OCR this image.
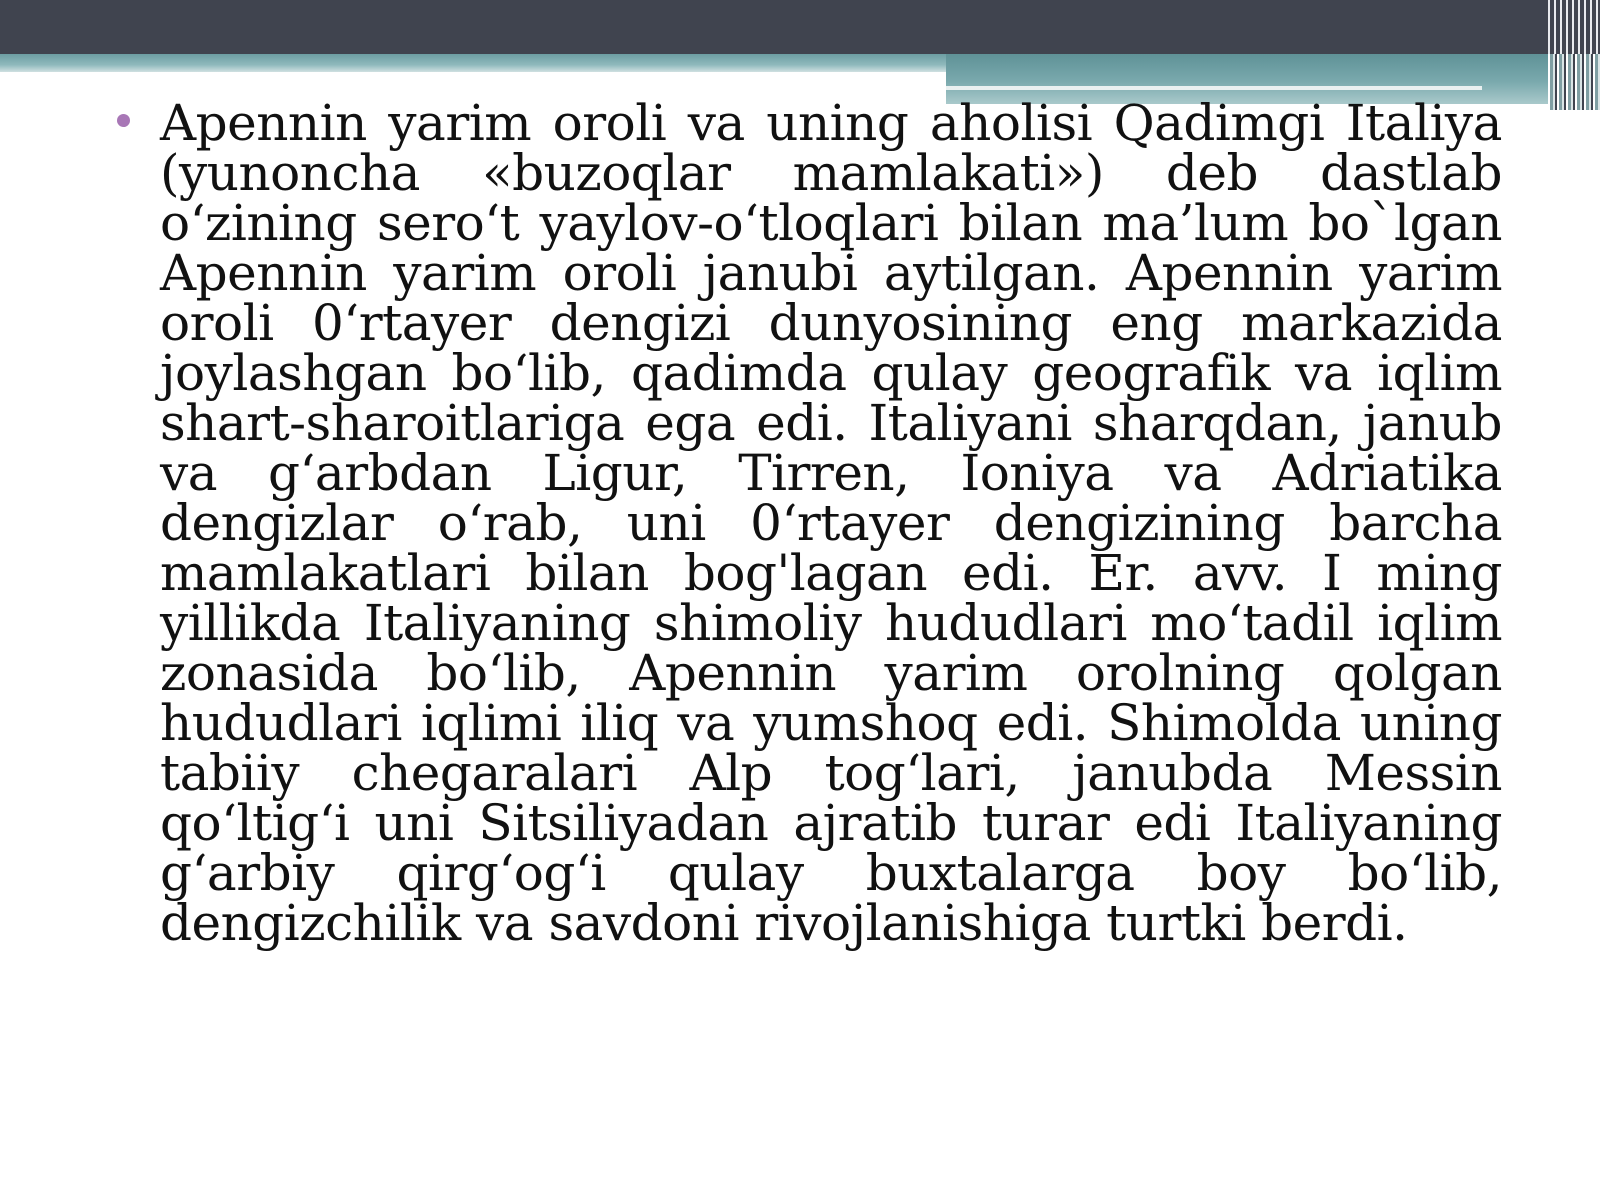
Apennin yarim oroli va uning aholisi Qadimgi Italiya (yunoncha «buzoqlar mamlakati») deb dastlab o‘zining sero‘t yaylov-o‘tloqlari bilan ma’lum bo`lgan Apennin yarim oroli janubi aytilgan. Apennin yarim oroli 0‘rtayer dengizi dunyosining eng markazida joylashgan bo‘lib, qadimda qulay geografik va iqlim shart-sharoitlariga ega edi. Italiyani sharqdan, janub va g‘arbdan Ligur, Tirren, Ioniya va Adriatika dengizlar o‘rab, uni 0‘rtayer dengizining barcha mamlakatlari bilan bog'lagan edi. Er. avv. I ming yillikda Italiyaning shimoliy hududlari mo‘tadil iqlim zonasida bo‘lib, Apennin yarim orolning qolgan hududlari iqlimi iliq va yumshoq edi. Shimolda uning tabiiy chegaralari Alp tog‘lari, janubda Messin qo‘ltig‘i uni Sitsiliyadan ajratib turar edi Italiyaning g‘arbiy qirg‘og‘i qulay buxtalarga boy bo‘lib, dengizchilik va savdoni rivojlanishiga turtki berdi.
